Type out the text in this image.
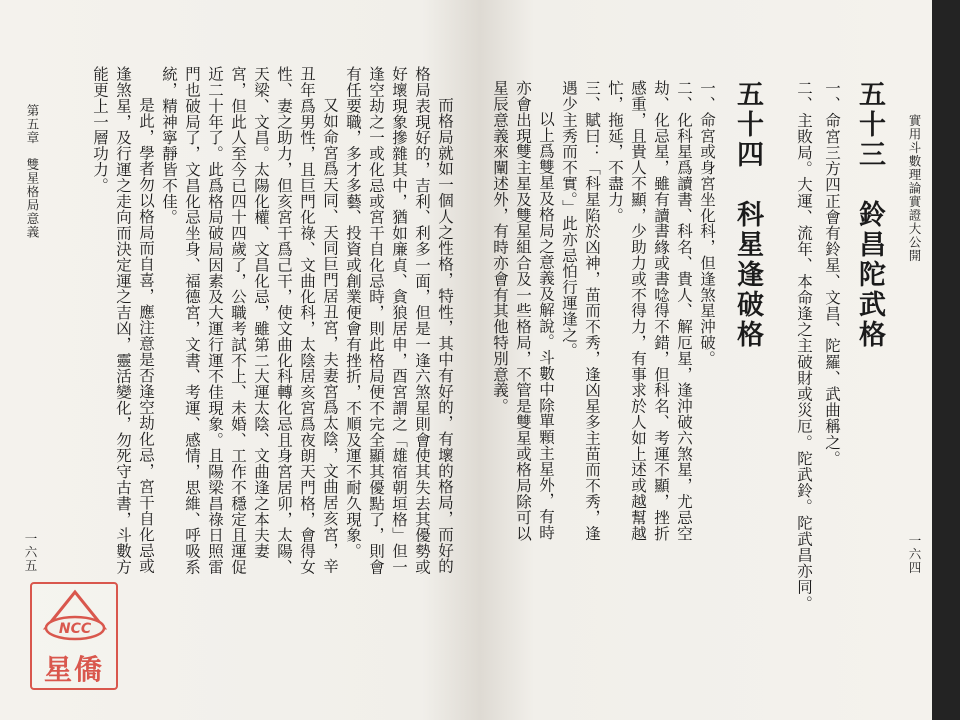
第五章　雙星格局意義
一六五	而格局就如一個人之性格，特性，其中有好的，有壞的格局，而好的格局表現好的，吉利、利多一面，但是一逢六煞星則會使其失去其優勢或好壞現象摻雜其中，猶如廉貞、貪狼居申，酉宮謂之「雄宿朝垣格」但一逢空劫之一或化忌或宮干自化忌時，則此格局便不完全顯其優點了，則會有任要職，多才多藝、投資或創業便會有挫折，不順及運不耐久現象。

又如命宮爲天同、天同巨門居丑宮，夫妻宮爲太陰，文曲居亥宮，辛丑年爲男性，且巨門化祿、文曲化科，太陰居亥宮爲夜朗天門格，會得女性、妻之助力，但亥宮干爲己干，使文曲化科轉化忌且身宮居卯，太陽、天梁、文昌。太陽化權、文昌化忌，雖第二大運太陰、文曲逢之本夫妻宮，但此人至今已四十四歲了，公職考試不上、未婚、工作不穩定且運促近二十年了。此爲格局破局因素及大運行運不佳現象。且陽梁昌祿日照雷門也破局了，文昌化忌坐身、福德宮，文書、考運、感情，思維、呼吸系統，精神寧靜皆不佳。

是此，學者勿以格局而自喜，應注意是否逢空劫化忌，宮干自化忌或逢煞星，及行運之走向而決定運之吉凶，靈活變化，勿死守古書，斗數方能更上一層功力。

NCC
星僑
實用斗數理論實證大公開
一六四
五十三　鈴昌陀武格
一、命宮三方四正會有鈴星、文昌、陀羅、武曲稱之。
二、主敗局。大運、流年、本命逢之主破財或災厄。陀武鈴。陀武昌亦同。
五十四　科星逢破格

一、命宮或身宮坐化科，但逢煞星沖破。

二、化科星爲讀書、科名、貴人、解厄星，逢沖破六煞星，尤忌空劫、化忌星，雖有讀書緣或書唸得不錯，但科名、考運不顯，挫折感重，且貴人不顯，少助力或不得力，有事求於人如上述或越幫越忙，拖延，不盡力。

三、賦曰：「科星陷於凶神，苗而不秀，逢凶星多主苗而不秀，逢遇少主秀而不實。」此亦忌怕行運逢之。

以上爲雙星及格局之意義及解說。斗數中除單顆主星外，有時亦會出現雙主星及雙星組合及一些格局，不管是雙星或格局除可以星辰意義來闡述外，有時亦會有其他特別意義。
